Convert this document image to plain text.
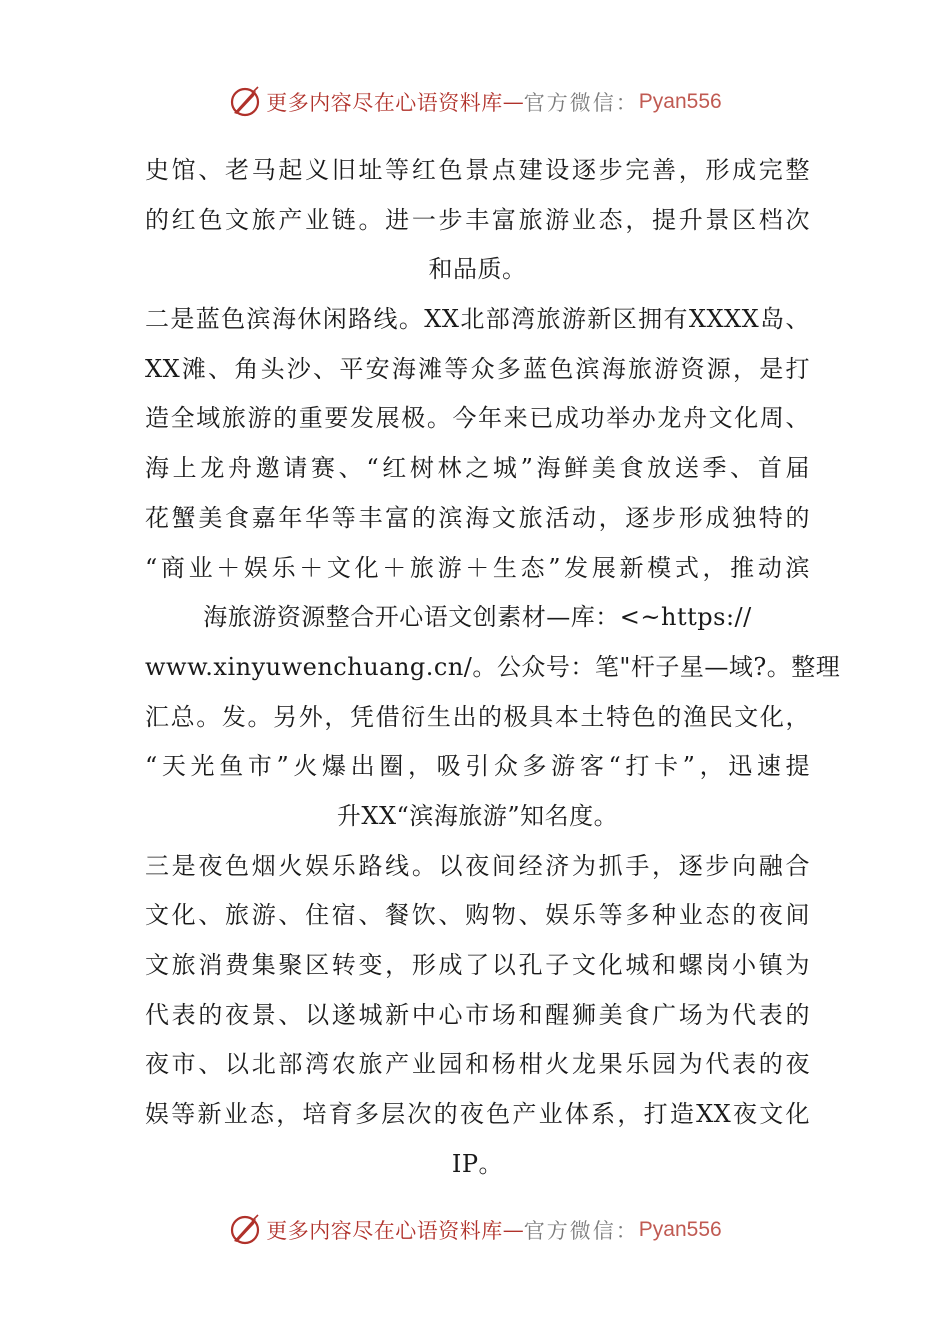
更多内容尽在心语资料库 — 官方微信： Pyan556
史馆、老马起义旧址等红色景点建设逐步完善，形成完整
的红色文旅产业链。进一步丰富旅游业态，提升景区档次
和品质。
二是蓝色滨海休闲路线。XX北部湾旅游新区拥有XXXX岛、
XX滩、角头沙、平安海滩等众多蓝色滨海旅游资源，是打
造全域旅游的重要发展极。今年来已成功举办龙舟文化周、
海上龙舟邀请赛、“红树林之城”海鲜美食放送季、首届
花蟹美食嘉年华等丰富的滨海文旅活动，逐步形成独特的
“商业＋娱乐＋文化＋旅游＋生态”发展新模式，推动滨
海旅游资源整合开心语文创素材—库：<~https://
www.xinyuwenchuang.cn/。公众号：笔"杆子星—域?。整理
汇总。发。另外，凭借衍生出的极具本土特色的渔民文化，
“天光鱼市”火爆出圈，吸引众多游客“打卡”，迅速提
升XX“滨海旅游”知名度。
三是夜色烟火娱乐路线。以夜间经济为抓手，逐步向融合
文化、旅游、住宿、餐饮、购物、娱乐等多种业态的夜间
文旅消费集聚区转变，形成了以孔子文化城和螺岗小镇为
代表的夜景、以遂城新中心市场和醒狮美食广场为代表的
夜市、以北部湾农旅产业园和杨柑火龙果乐园为代表的夜
娱等新业态，培育多层次的夜色产业体系，打造XX夜文化
IP。
更多内容尽在心语资料库 — 官方微信： Pyan556
